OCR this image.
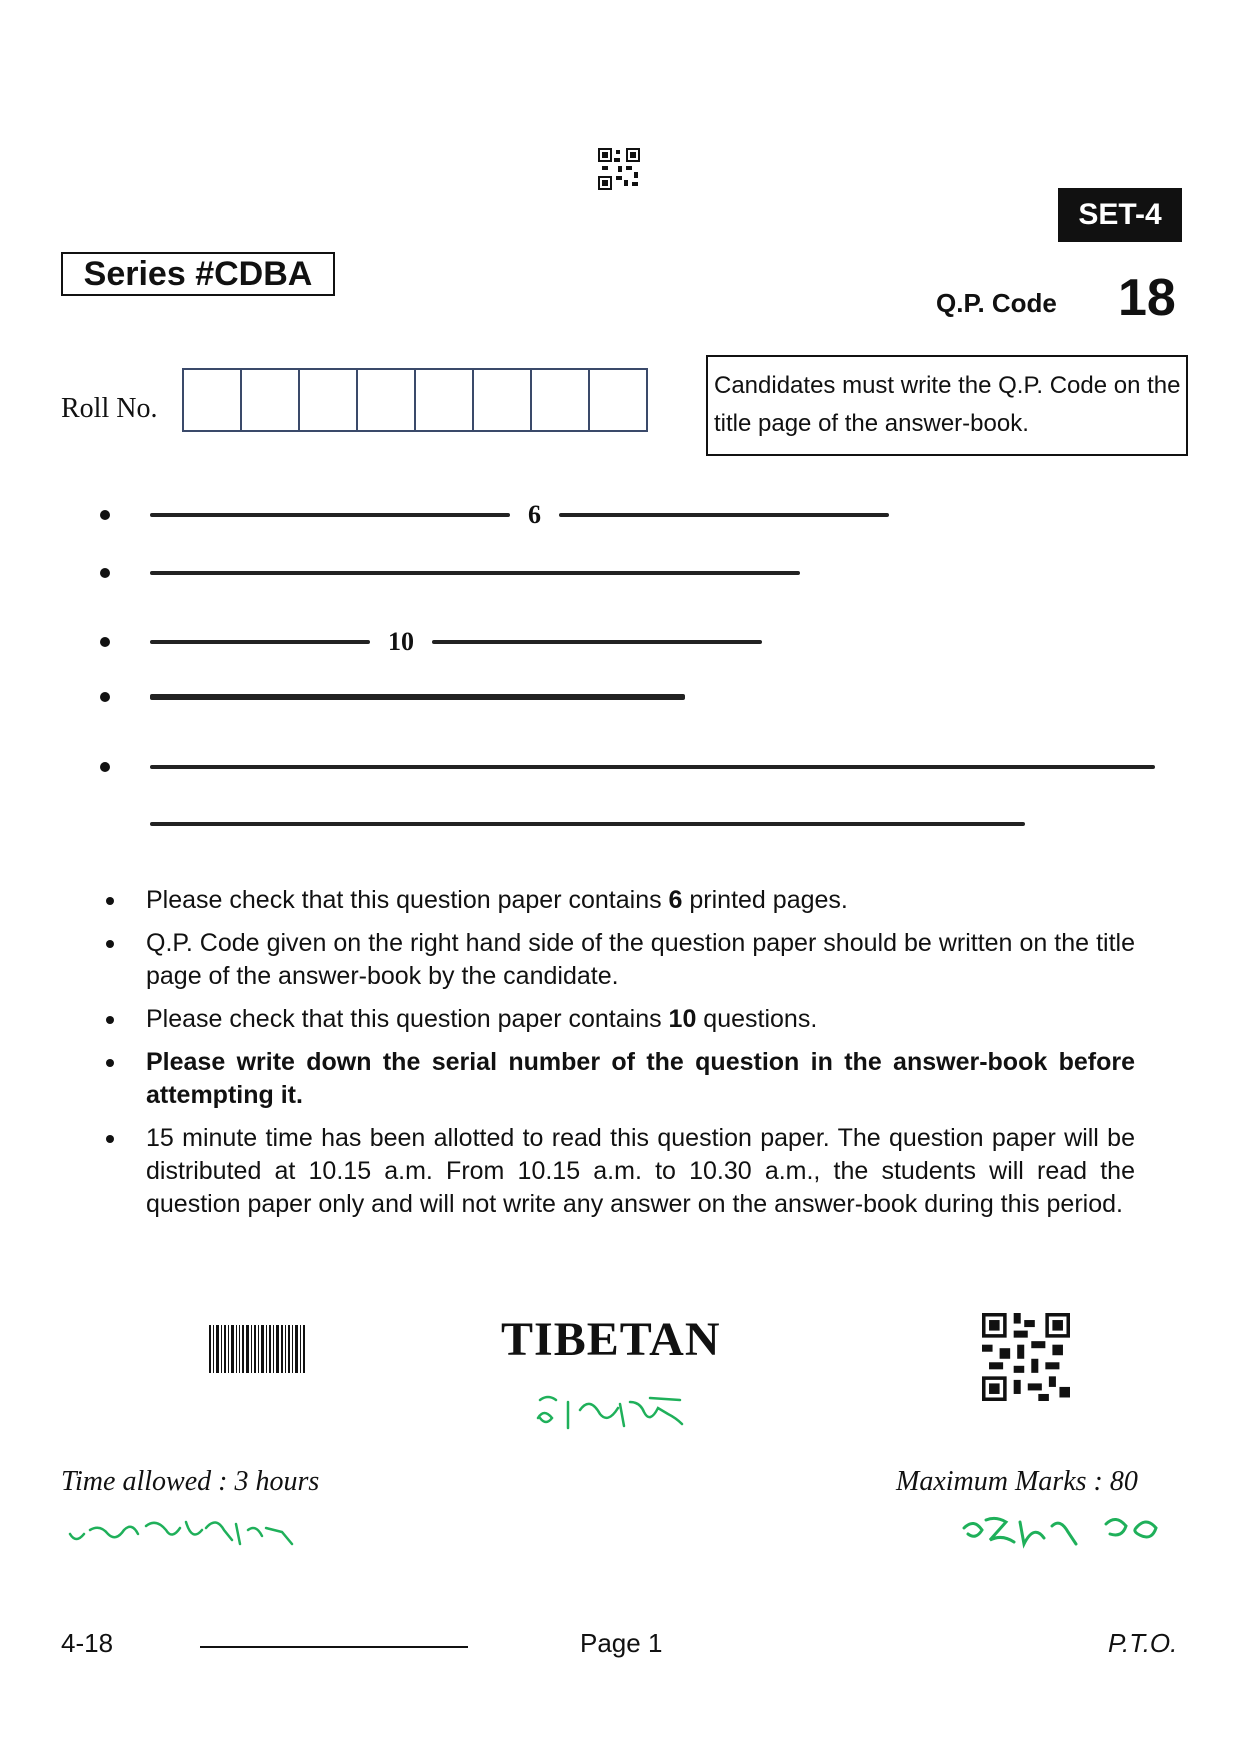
SET-4
Series #CDBA
Q.P. Code 18
Roll No.
Candidates must write the Q.P. Code on the title page of the answer-book.
6
10
Please check that this question paper contains 6 printed pages.
Q.P. Code given on the right hand side of the question paper should be written on the title page of the answer-book by the candidate.
Please check that this question paper contains 10 questions.
Please write down the serial number of the question in the answer-book before attempting it.
15 minute time has been allotted to read this question paper. The question paper will be distributed at 10.15 a.m. From 10.15 a.m. to 10.30 a.m., the students will read the question paper only and will not write any answer on the answer-book during this period.
TIBETAN
Time allowed : 3 hours	Maximum Marks : 80
4-18	Page 1	P.T.O.
